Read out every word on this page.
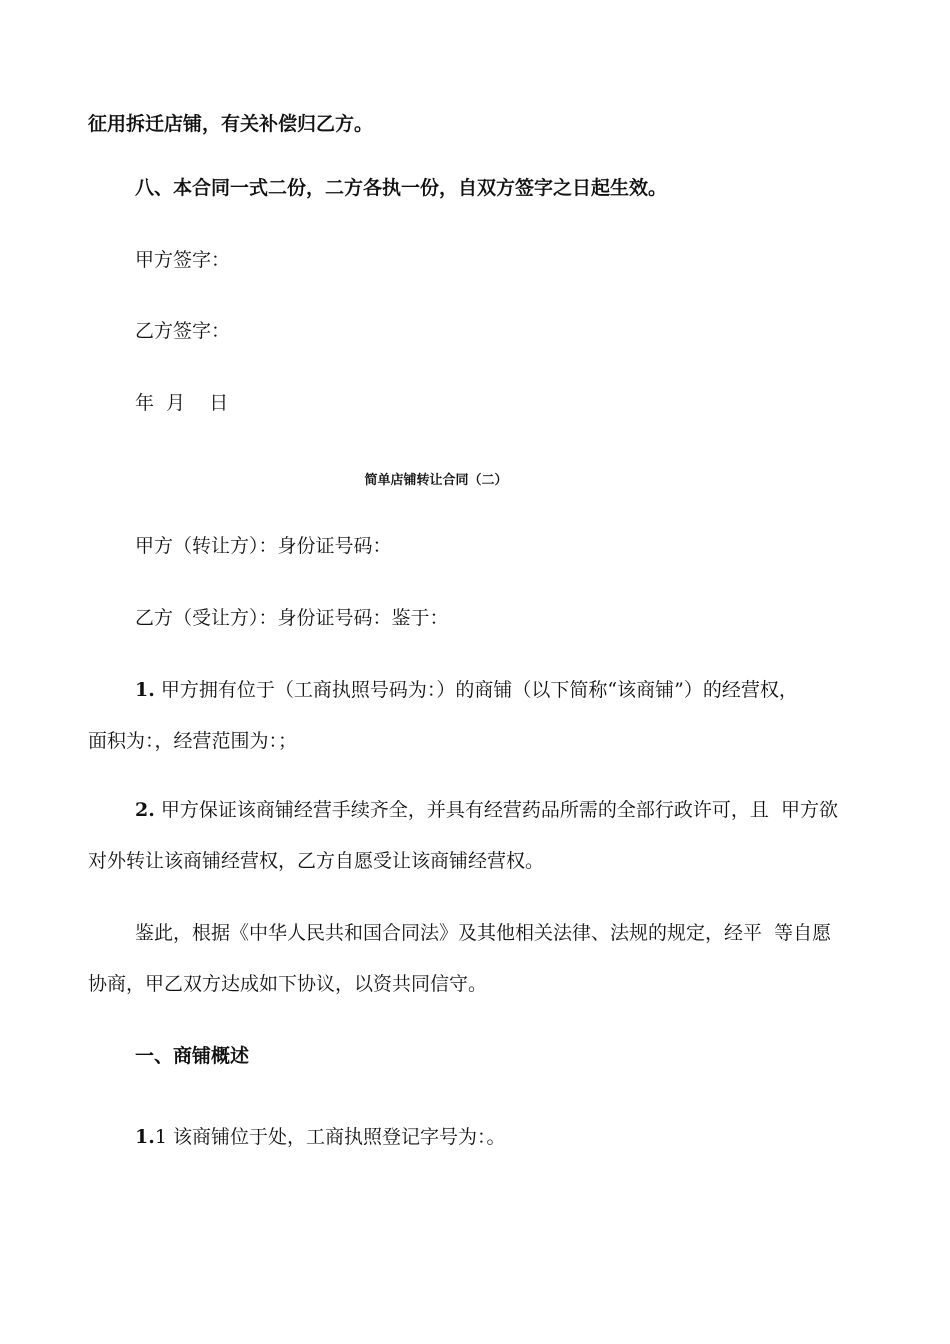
征用拆迁店铺，有关补偿归乙方。
八、本合同一式二份，二方各执一份，自双方签字之日起生效。
甲方签字：
乙方签字：
年  月    日
简单店铺转让合同（二）
甲方（转让方）：身份证号码：
乙方（受让方）：身份证号码：鉴于：
1. 甲方拥有位于（工商执照号码为：）的商铺（以下简称“该商铺”）的经营权，
面积为：，经营范围为：；
2. 甲方保证该商铺经营手续齐全，并具有经营药品所需的全部行政许可，且  甲方欲
对外转让该商铺经营权，乙方自愿受让该商铺经营权。
鉴此，根据《中华人民共和国合同法》及其他相关法律、法规的规定，经平  等自愿
协商，甲乙双方达成如下协议，以资共同信守。
一、商铺概述
1.1 该商铺位于处，工商执照登记字号为：。
